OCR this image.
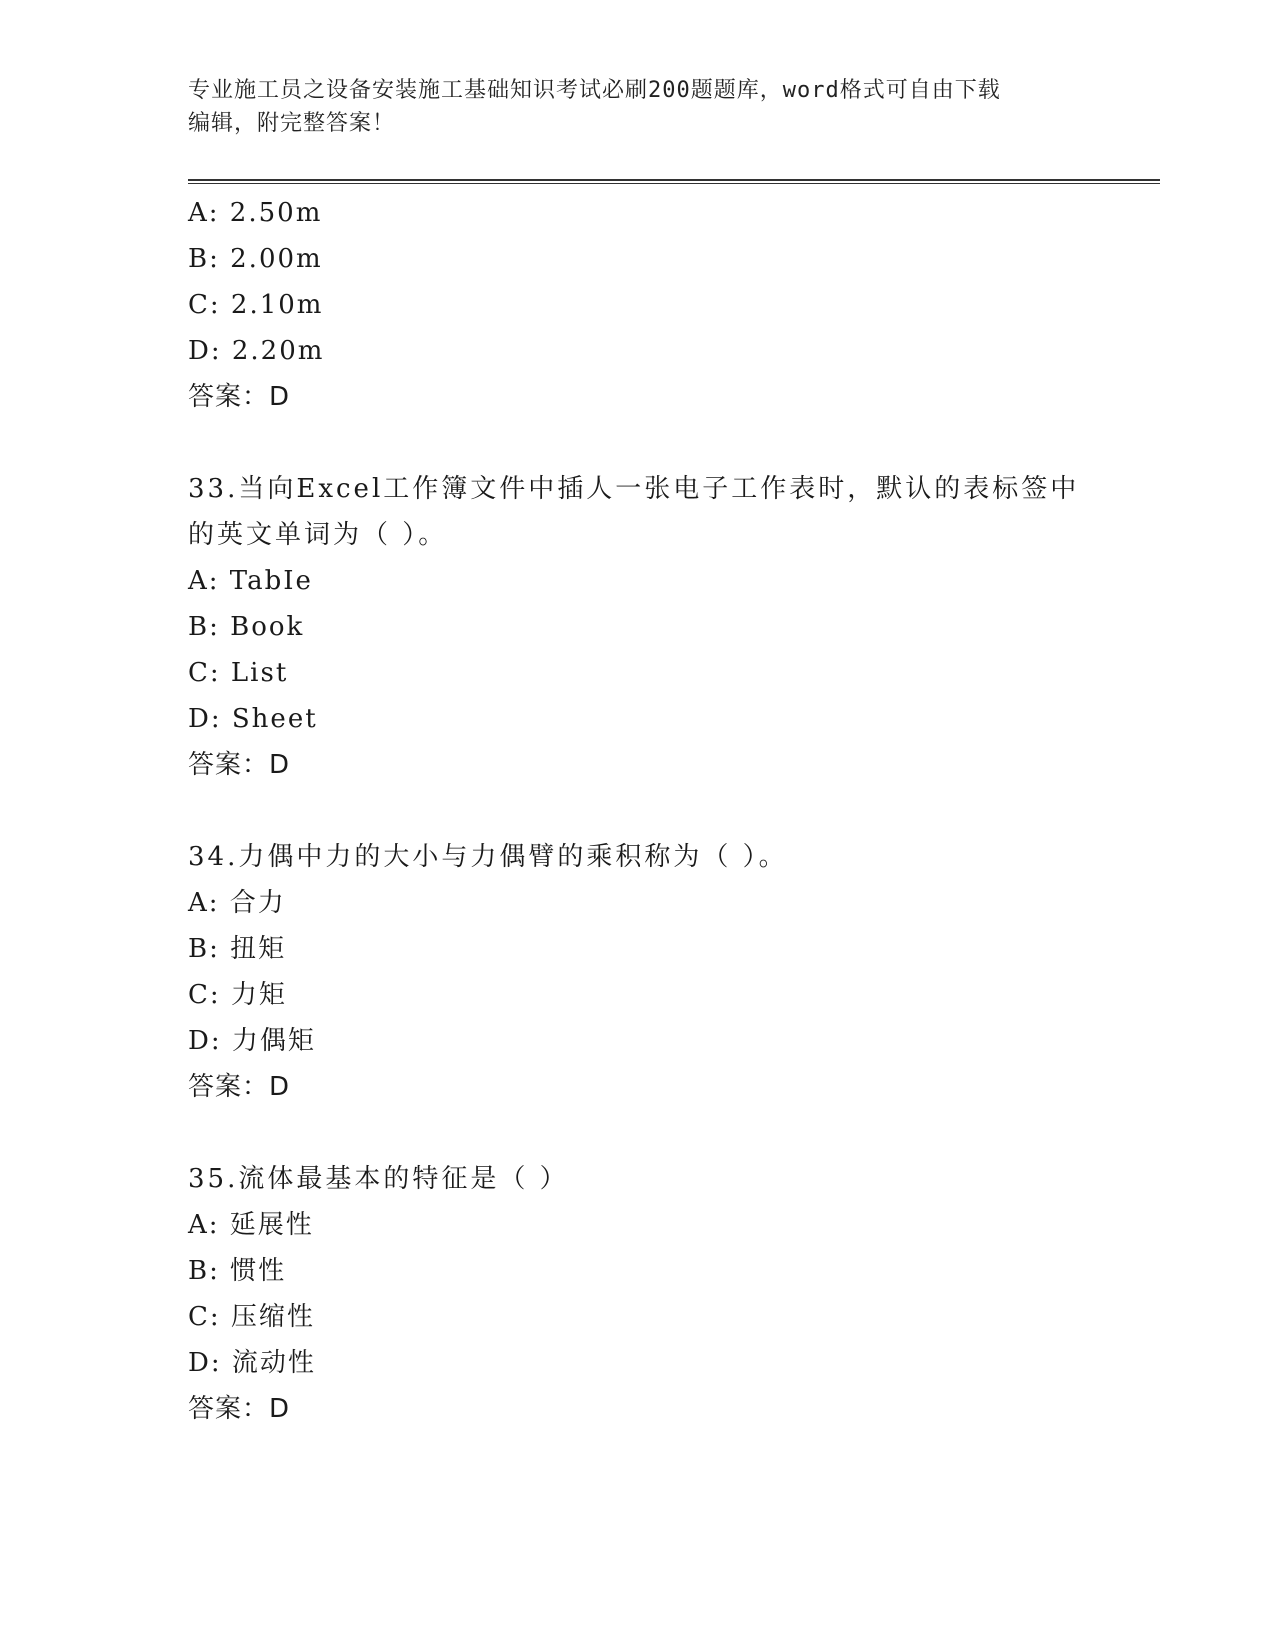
专业施工员之设备安装施工基础知识考试必刷200题题库，word格式可自由下载
编辑，附完整答案！
A: 2.50m
B: 2.00m
C: 2.10m
D: 2.20m
答案：D
33.当向Excel工作簿文件中插人一张电子工作表时，默认的表标签中
的英文单词为（ ）。
A: TabIe
B: Book
C: List
D: Sheet
答案：D
34.力偶中力的大小与力偶臂的乘积称为（ ）。
A: 合力
B: 扭矩
C: 力矩
D: 力偶矩
答案：D
35.流体最基本的特征是（ ）
A: 延展性
B: 惯性
C: 压缩性
D: 流动性
答案：D
